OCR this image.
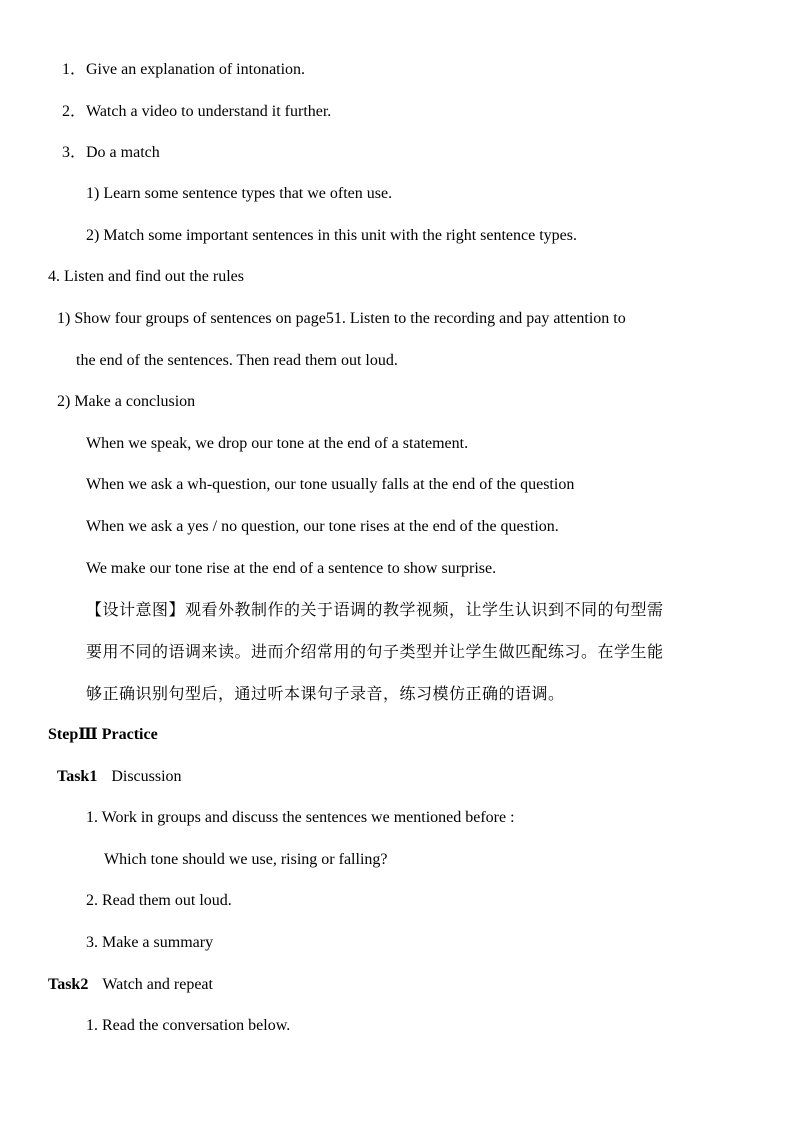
1．Give an explanation of intonation.
2．Watch a video to understand it further.
3．Do a match
1) Learn some sentence types that we often use.
2) Match some important sentences in this unit with the right sentence types.
4. Listen and find out the rules
1) Show four groups of sentences on page51. Listen to the recording and pay attention to
the end of the sentences. Then read them out loud.
2) Make a conclusion
When we speak, we drop our tone at the end of a statement.
When we ask a wh-question, our tone usually falls at the end of the question
When we ask a yes / no question, our tone rises at the end of the question.
We make our tone rise at the end of a sentence to show surprise.
【设计意图】观看外教制作的关于语调的教学视频，让学生认识到不同的句型需
要用不同的语调来读。进而介绍常用的句子类型并让学生做匹配练习。在学生能
够正确识别句型后，通过听本课句子录音，练习模仿正确的语调。
StepⅢ Practice
Task1 Discussion
1. Work in groups and discuss the sentences we mentioned before :
Which tone should we use, rising or falling?
2. Read them out loud.
3. Make a summary
Task2 Watch and repeat
1. Read the conversation below.
